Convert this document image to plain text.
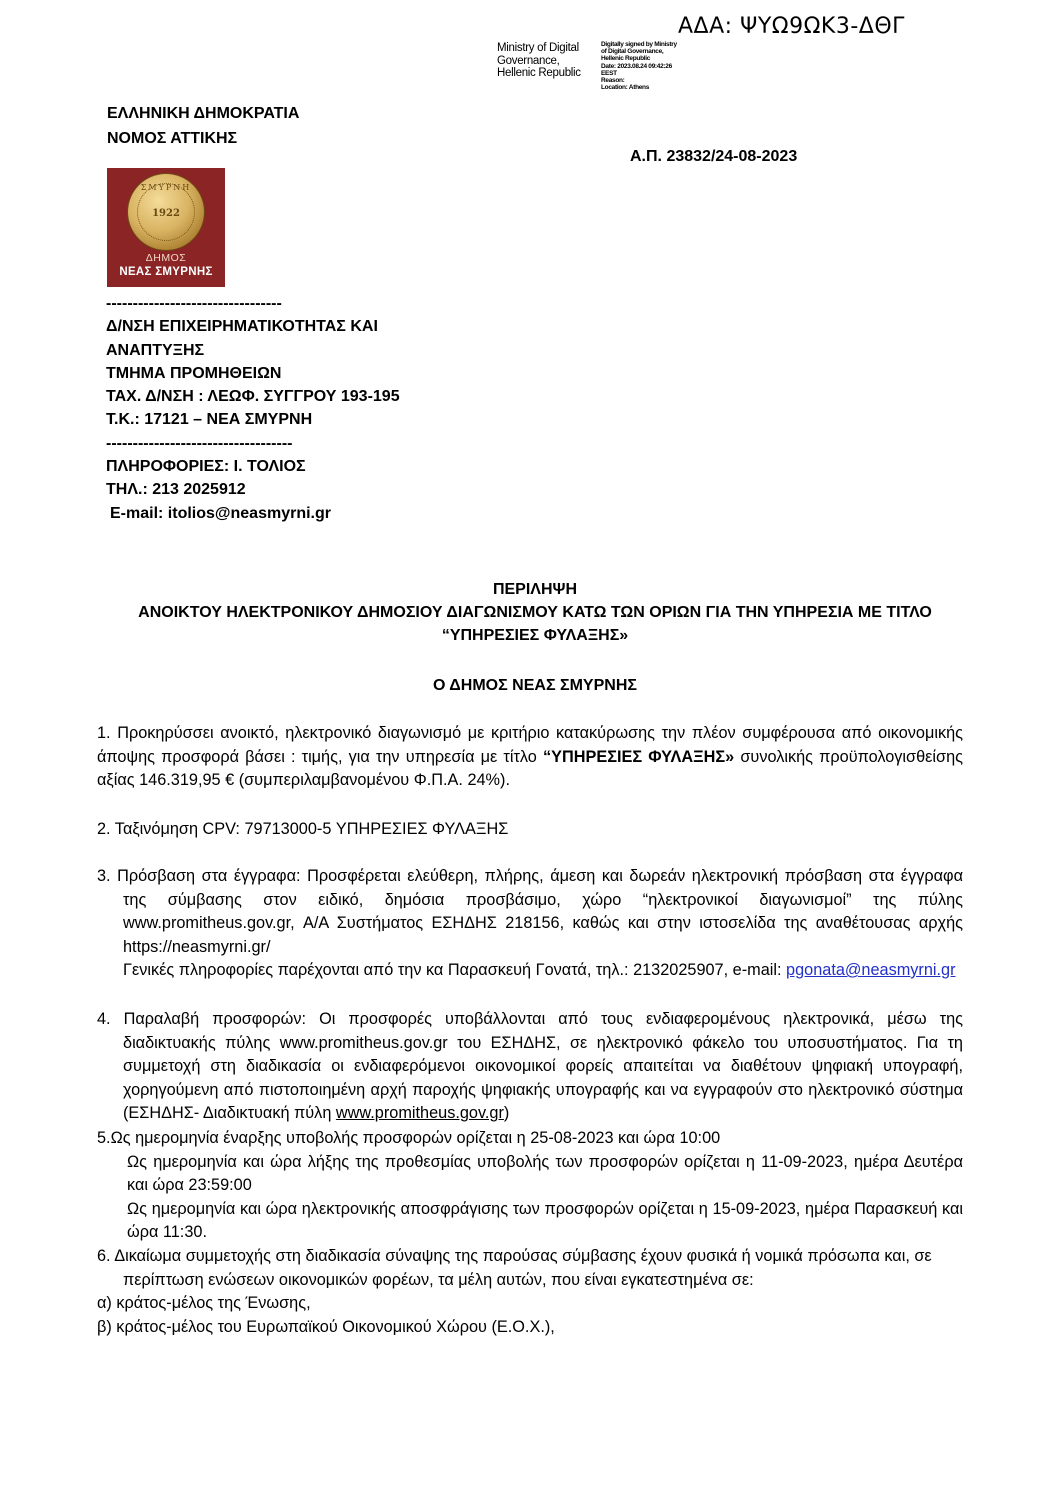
ΑΔΑ: ΨΥΩ9ΩΚ3-ΔΘΓ
Ministry of Digital
Governance,
Hellenic Republic
Digitally signed by Ministry
of Digital Governance,
Hellenic Republic
Date: 2023.08.24 09:42:26
EEST
Reason:
Location: Athens
ΕΛΛΗΝΙΚΗ ΔΗΜΟΚΡΑΤΙΑ
ΝΟΜΟΣ ΑΤΤΙΚΗΣ
Α.Π. 23832/24-08-2023
ΣΜΥΡΝΗ
1922
ΔΗΜΟΣ
ΝΕΑΣ ΣΜΥΡΝΗΣ
---------------------------------
Δ/ΝΣΗ ΕΠΙΧΕΙΡΗΜΑΤΙΚΟΤΗΤΑΣ ΚΑΙ
ΑΝΑΠΤΥΞΗΣ
ΤΜΗΜΑ ΠΡΟΜΗΘΕΙΩΝ
ΤΑΧ. Δ/ΝΣΗ : ΛΕΩΦ. ΣΥΓΓΡΟΥ 193-195
Τ.Κ.: 17121 – ΝΕΑ ΣΜΥΡΝΗ
-----------------------------------
ΠΛΗΡΟΦΟΡΙΕΣ: Ι. ΤΟΛΙΟΣ
ΤΗΛ.: 213 2025912
E-mail: itolios@neasmyrni.gr
ΠΕΡΙΛΗΨΗ
ΑΝΟΙΚΤΟΥ ΗΛΕΚΤΡΟΝΙΚΟΥ ΔΗΜΟΣΙΟΥ ΔΙΑΓΩΝΙΣΜΟΥ ΚΑΤΩ ΤΩΝ ΟΡΙΩΝ ΓΙΑ ΤΗΝ ΥΠΗΡΕΣΙΑ ΜΕ ΤΙΤΛΟ
“ΥΠΗΡΕΣΙΕΣ ΦΥΛΑΞΗΣ»
Ο ΔΗΜΟΣ ΝΕΑΣ ΣΜΥΡΝΗΣ
1. Προκηρύσσει ανοικτό, ηλεκτρονικό διαγωνισμό με κριτήριο κατακύρωσης την πλέον συμφέρουσα από οικονομικής άποψης προσφορά βάσει : τιμής, για την υπηρεσία με τίτλο “ΥΠΗΡΕΣΙΕΣ ΦΥΛΑΞΗΣ» συνολικής προϋπολογισθείσης αξίας 146.319,95 € (συμπεριλαμβανομένου Φ.Π.Α. 24%).
2. Ταξινόμηση CPV: 79713000-5 ΥΠΗΡΕΣΙΕΣ ΦΥΛΑΞΗΣ
3. Πρόσβαση στα έγγραφα: Προσφέρεται ελεύθερη, πλήρης, άμεση και δωρεάν ηλεκτρονική πρόσβαση στα έγγραφα της σύμβασης στον ειδικό, δημόσια προσβάσιμο, χώρο “ηλεκτρονικοί διαγωνισμοί” της πύλης www.promitheus.gov.gr, Α/Α Συστήματος ΕΣΗΔΗΣ 218156, καθώς και στην ιστοσελίδα της αναθέτουσας αρχής https://neasmyrni.gr/
Γενικές πληροφορίες παρέχονται από την κα Παρασκευή Γονατά, τηλ.: 2132025907, e-mail: pgonata@neasmyrni.gr
4. Παραλαβή προσφορών: Οι προσφορές υποβάλλονται από τους ενδιαφερομένους ηλεκτρονικά, μέσω της διαδικτυακής πύλης www.promitheus.gov.gr του ΕΣΗΔΗΣ, σε ηλεκτρονικό φάκελο του υποσυστήματος. Για τη συμμετοχή στη διαδικασία οι ενδιαφερόμενοι οικονομικοί φορείς απαιτείται να διαθέτουν ψηφιακή υπογραφή, χορηγούμενη από πιστοποιημένη αρχή παροχής ψηφιακής υπογραφής και να εγγραφούν στο ηλεκτρονικό σύστημα (ΕΣΗΔΗΣ- Διαδικτυακή πύλη www.promitheus.gov.gr)
5.Ως ημερομηνία έναρξης υποβολής προσφορών ορίζεται η 25-08-2023 και ώρα 10:00
Ως ημερομηνία και ώρα λήξης της προθεσμίας υποβολής των προσφορών ορίζεται η 11-09-2023, ημέρα Δευτέρα και ώρα 23:59:00
Ως ημερομηνία και ώρα ηλεκτρονικής αποσφράγισης των προσφορών ορίζεται η 15-09-2023, ημέρα Παρασκευή και ώρα 11:30.
6. Δικαίωμα συμμετοχής στη διαδικασία σύναψης της παρούσας σύμβασης έχουν φυσικά ή νομικά πρόσωπα και, σε περίπτωση ενώσεων οικονομικών φορέων, τα μέλη αυτών, που είναι εγκατεστημένα σε:
α) κράτος-μέλος της Ένωσης,
β) κράτος-μέλος του Ευρωπαϊκού Οικονομικού Χώρου (Ε.Ο.Χ.),
